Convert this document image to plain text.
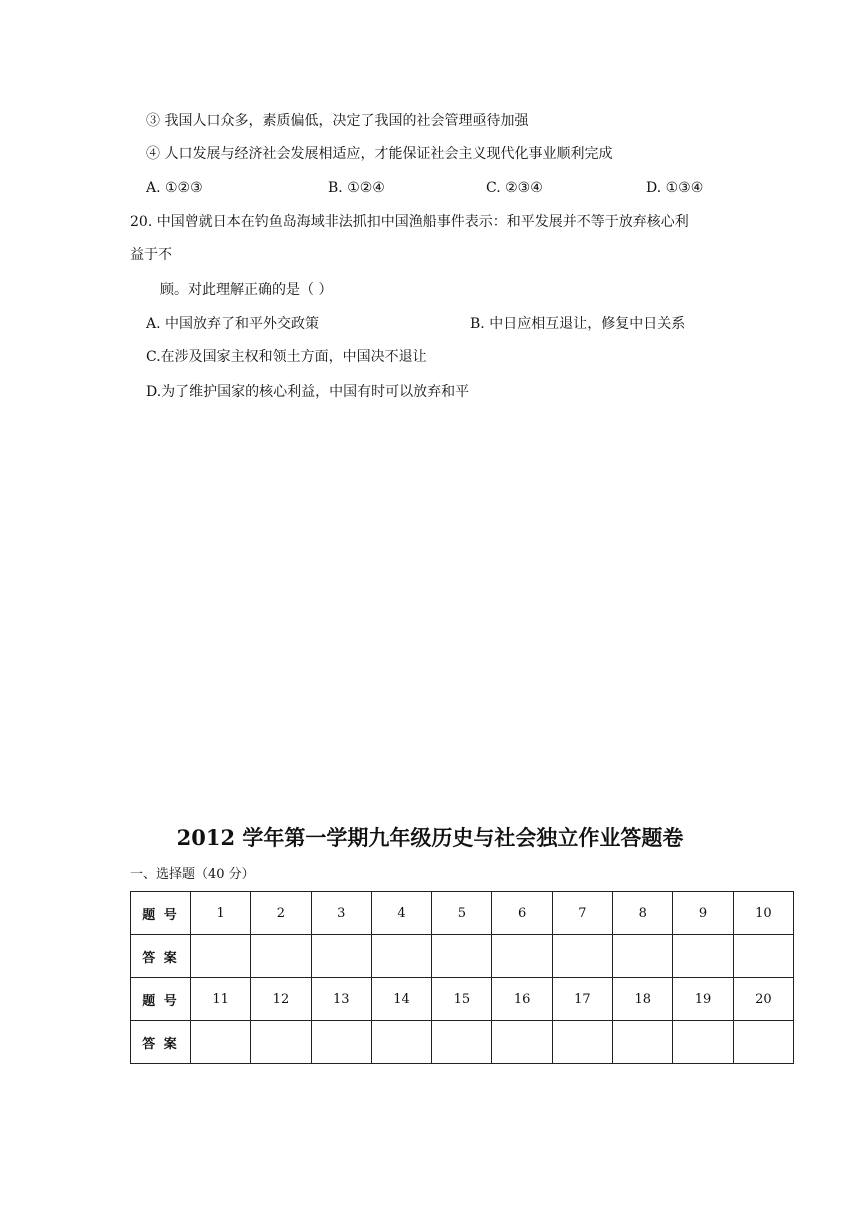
③ 我国人口众多，素质偏低，决定了我国的社会管理亟待加强
④ 人口发展与经济社会发展相适应，才能保证社会主义现代化事业顺利完成
A. ①②③	B. ①②④	C. ②③④	D. ①③④
20. 中国曾就日本在钓鱼岛海域非法抓扣中国渔船事件表示：和平发展并不等于放弃核心利
益于不
顾。对此理解正确的是（ ）
A. 中国放弃了和平外交政策	B. 中日应相互退让，修复中日关系
C.在涉及国家主权和领土方面，中国决不退让
D.为了维护国家的核心利益，中国有时可以放弃和平
2012 学年第一学期九年级历史与社会独立作业答题卷
一、选择题（40 分）
题 号	1	2	3	4	5	6	7	8	9	10
答 案										
题 号	11	12	13	14	15	16	17	18	19	20
答 案										
